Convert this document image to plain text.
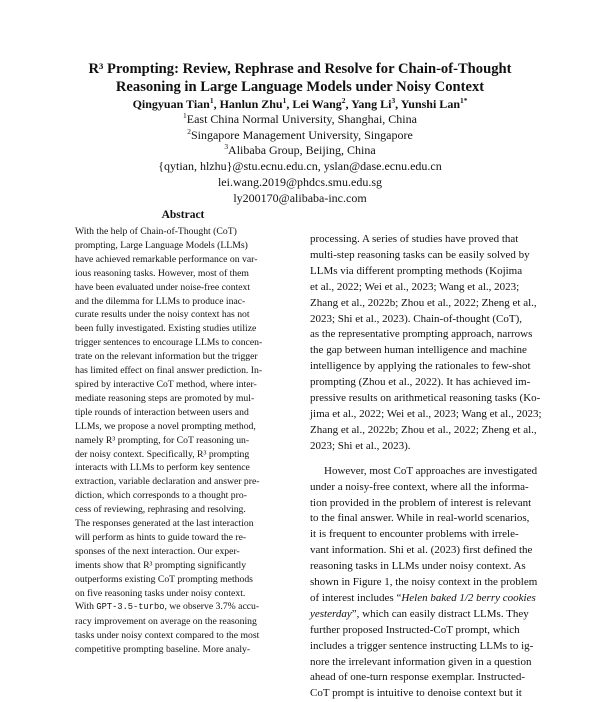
R³ Prompting: Review, Rephrase and Resolve for Chain-of-Thought
Reasoning in Large Language Models under Noisy Context
Qingyuan Tian$^1$, Hanlun Zhu$^1$, Lei Wang$^2$, Yang Li$^3$, Yunshi Lan$^{1*}$
$^1$East China Normal University, Shanghai, China
$^2$Singapore Management University, Singapore
$^3$Alibaba Group, Beijing, China
{qytian, hlzhu}@stu.ecnu.edu.cn, yslan@dase.ecnu.edu.cn
lei.wang.2019@phdcs.smu.edu.sg
ly200170@alibaba-inc.com
Abstract
With the help of Chain-of-Thought (CoT)
prompting, Large Language Models (LLMs)
have achieved remarkable performance on var-
ious reasoning tasks. However, most of them
have been evaluated under noise-free context
and the dilemma for LLMs to produce inac-
curate results under the noisy context has not
been fully investigated. Existing studies utilize
trigger sentences to encourage LLMs to concen-
trate on the relevant information but the trigger
has limited effect on final answer prediction. In-
spired by interactive CoT method, where inter-
mediate reasoning steps are promoted by mul-
tiple rounds of interaction between users and
LLMs, we propose a novel prompting method,
namely R³ prompting, for CoT reasoning un-
der noisy context. Specifically, R³ prompting
interacts with LLMs to perform key sentence
extraction, variable declaration and answer pre-
diction, which corresponds to a thought pro-
cess of reviewing, rephrasing and resolving.
The responses generated at the last interaction
will perform as hints to guide toward the re-
sponses of the next interaction. Our exper-
iments show that R³ prompting significantly
outperforms existing CoT prompting methods
on five reasoning tasks under noisy context.
With GPT-3.5-turbo, we observe 3.7% accu-
racy improvement on average on the reasoning
tasks under noisy context compared to the most
competitive prompting baseline. More analy-
processing. A series of studies have proved that
multi-step reasoning tasks can be easily solved by
LLMs via different prompting methods (Kojima
et al., 2022; Wei et al., 2023; Wang et al., 2023;
Zhang et al., 2022b; Zhou et al., 2022; Zheng et al.,
2023; Shi et al., 2023). Chain-of-thought (CoT),
as the representative prompting approach, narrows
the gap between human intelligence and machine
intelligence by applying the rationales to few-shot
prompting (Zhou et al., 2022). It has achieved im-
pressive results on arithmetical reasoning tasks (Ko-
jima et al., 2022; Wei et al., 2023; Wang et al., 2023;
Zhang et al., 2022b; Zhou et al., 2022; Zheng et al.,
2023; Shi et al., 2023).
However, most CoT approaches are investigated
under a noisy-free context, where all the informa-
tion provided in the problem of interest is relevant
to the final answer. While in real-world scenarios,
it is frequent to encounter problems with irrele-
vant information. Shi et al. (2023) first defined the
reasoning tasks in LLMs under noisy context. As
shown in Figure 1, the noisy context in the problem
of interest includes “Helen baked 1/2 berry cookies
yesterday”, which can easily distract LLMs. They
further proposed Instructed-CoT prompt, which
includes a trigger sentence instructing LLMs to ig-
nore the irrelevant information given in a question
ahead of one-turn response exemplar. Instructed-
CoT prompt is intuitive to denoise context but it
